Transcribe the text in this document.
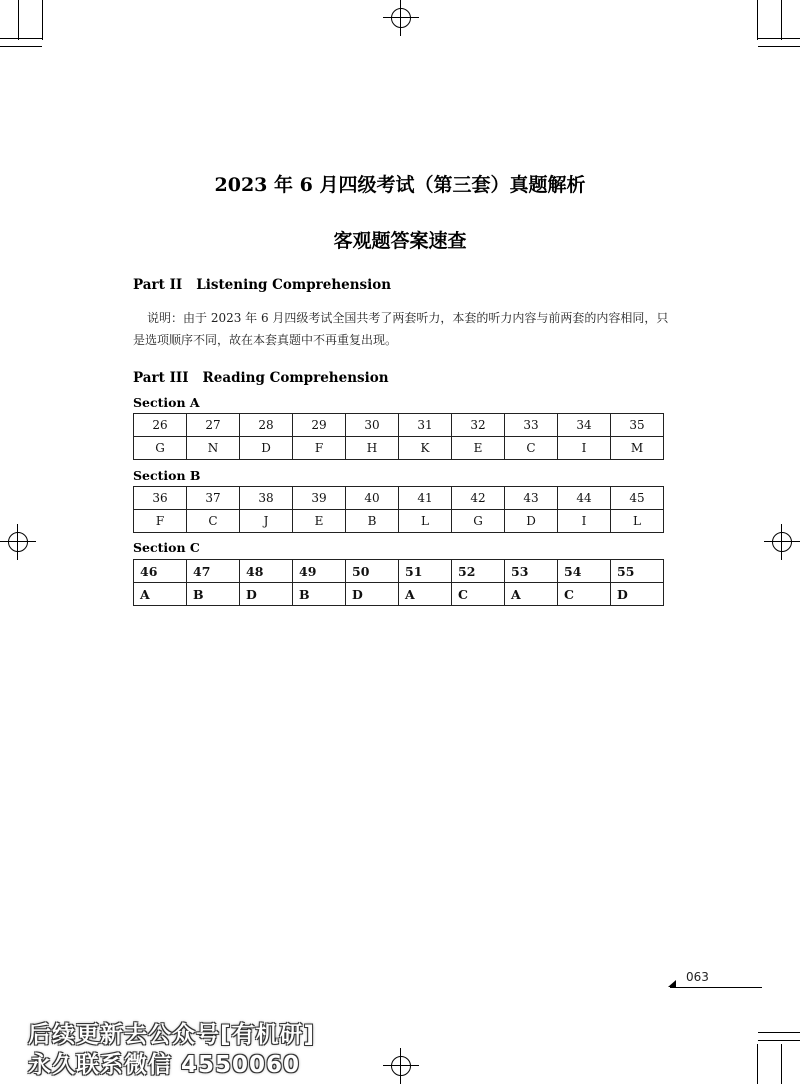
2023 年 6 月四级考试（第三套）真题解析
客观题答案速查
Part II Listening Comprehension
说明：由于 2023 年 6 月四级考试全国共考了两套听力，本套的听力内容与前两套的内容相同，只是选项顺序不同，故在本套真题中不再重复出现。
Part III Reading Comprehension
Section A
26	27	28	29	30	31	32	33	34	35
G	N	D	F	H	K	E	C	I	M
Section B
36	37	38	39	40	41	42	43	44	45
F	C	J	E	B	L	G	D	I	L
Section C
46	47	48	49	50	51	52	53	54	55
A	B	D	B	D	A	C	A	C	D
063
后续更新去公众号[有机研]
永久联系微信 4550060
